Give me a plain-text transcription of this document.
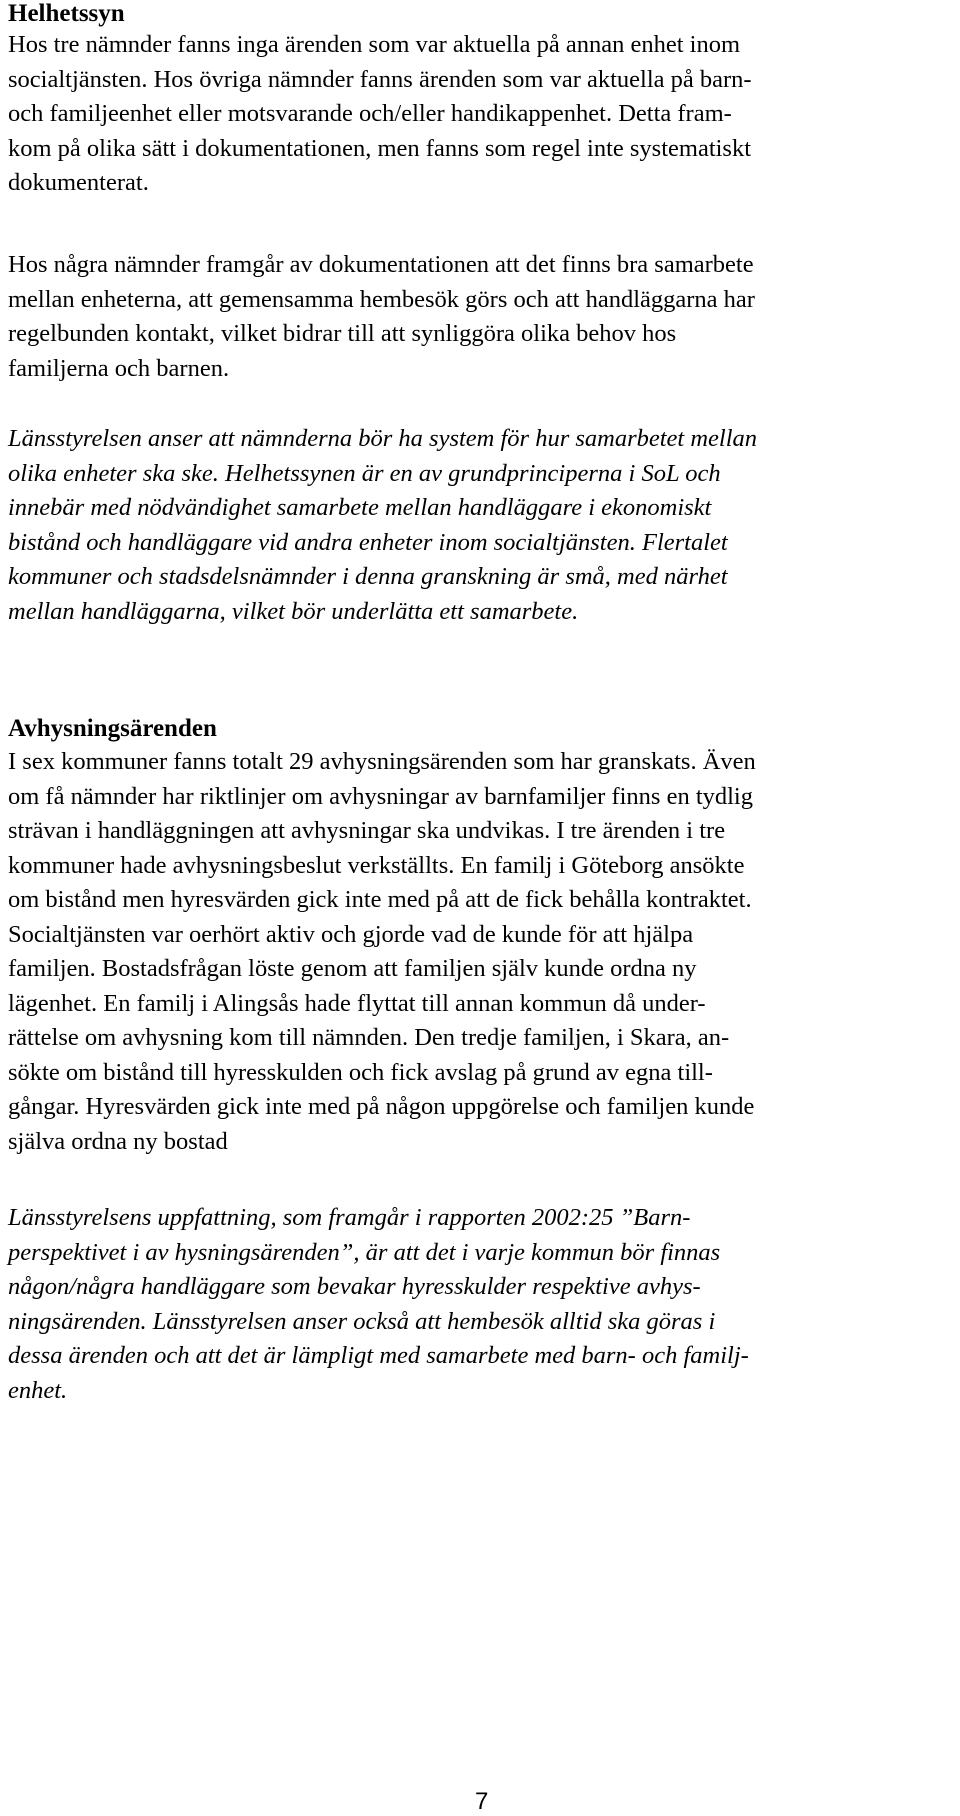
Helhetssyn

Hos tre nämnder fanns inga ärenden som var aktuella på annan enhet inom
socialtjänsten. Hos övriga nämnder fanns ärenden som var aktuella på barn-
och familjeenhet eller motsvarande och/eller handikappenhet. Detta fram-
kom på olika sätt i dokumentationen, men fanns som regel inte systematiskt
dokumenterat.

Hos några nämnder framgår av dokumentationen att det finns bra samarbete
mellan enheterna, att gemensamma hembesök görs och att handläggarna har
regelbunden kontakt, vilket bidrar till att synliggöra olika behov hos
familjerna och barnen.

Länsstyrelsen anser att nämnderna bör ha system för hur samarbetet mellan
olika enheter ska ske. Helhetssynen är en av grundprinciperna i SoL och
innebär med nödvändighet samarbete mellan handläggare i ekonomiskt
bistånd och handläggare vid andra enheter inom socialtjänsten. Flertalet
kommuner och stadsdelsnämnder i denna granskning är små, med närhet
mellan handläggarna, vilket bör underlätta ett samarbete.

Avhysningsärenden

I sex kommuner fanns totalt 29 avhysningsärenden som har granskats. Även
om få nämnder har riktlinjer om avhysningar av barnfamiljer finns en tydlig
strävan i handläggningen att avhysningar ska undvikas. I tre ärenden i tre
kommuner hade avhysningsbeslut verkställts. En familj i Göteborg ansökte
om bistånd men hyresvärden gick inte med på att de fick behålla kontraktet.
Socialtjänsten var oerhört aktiv och gjorde vad de kunde för att hjälpa
familjen. Bostadsfrågan löste genom att familjen själv kunde ordna ny
lägenhet. En familj i Alingsås hade flyttat till annan kommun då under-
rättelse om avhysning kom till nämnden. Den tredje familjen, i Skara, an-
sökte om bistånd till hyresskulden och fick avslag på grund av egna till-
gångar. Hyresvärden gick inte med på någon uppgörelse och familjen kunde
själva ordna ny bostad

Länsstyrelsens uppfattning, som framgår i rapporten 2002:25 ”Barn-
perspektivet i av hysningsärenden”, är att det i varje kommun bör finnas
någon/några handläggare som bevakar hyresskulder respektive avhys-
ningsärenden. Länsstyrelsen anser också att hembesök alltid ska göras i
dessa ärenden och att det är lämpligt med samarbete med barn- och familj-
enhet.

7
